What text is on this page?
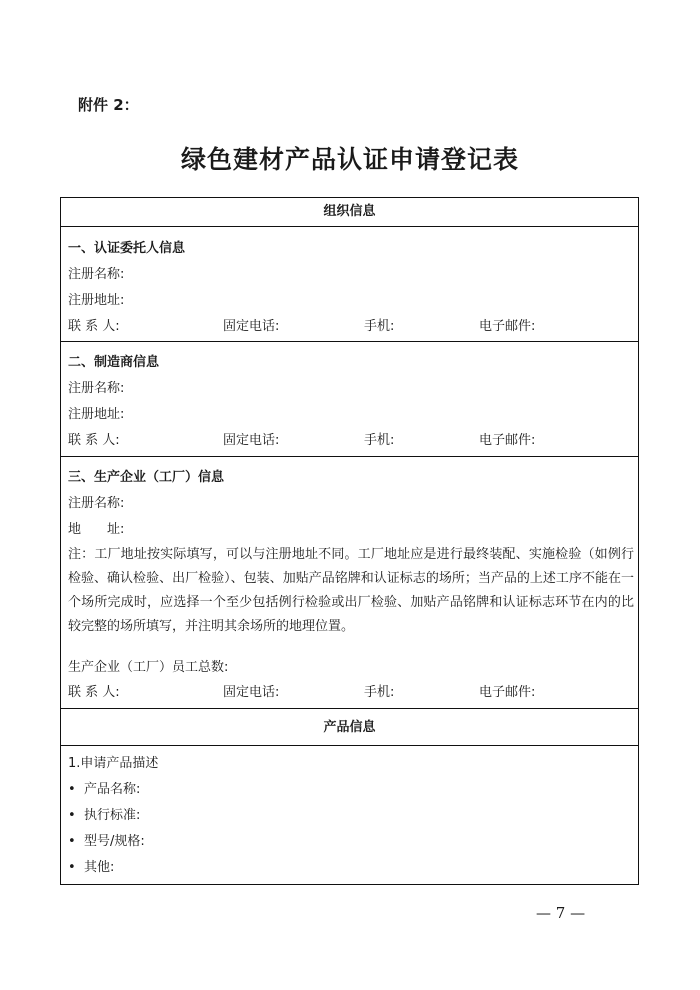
附件 2：
绿色建材产品认证申请登记表
组织信息
一、认证委托人信息
注册名称:
注册地址:
联 系 人:	固定电话:	手机:	电子邮件:
二、制造商信息
注册名称:
注册地址:
联 系 人:	固定电话:	手机:	电子邮件:
三、生产企业（工厂）信息
注册名称:
地　　址:
注：工厂地址按实际填写，可以与注册地址不同。工厂地址应是进行最终装配、实施检验（如例行检验、确认检验、出厂检验）、包装、加贴产品铭牌和认证标志的场所；当产品的上述工序不能在一个场所完成时，应选择一个至少包括例行检验或出厂检验、加贴产品铭牌和认证标志环节在内的比较完整的场所填写，并注明其余场所的地理位置。
生产企业（工厂）员工总数:
联 系 人:	固定电话:	手机:	电子邮件:
产品信息
1.申请产品描述
• 产品名称:
• 执行标准:
• 型号/规格:
• 其他:
— 7 —
